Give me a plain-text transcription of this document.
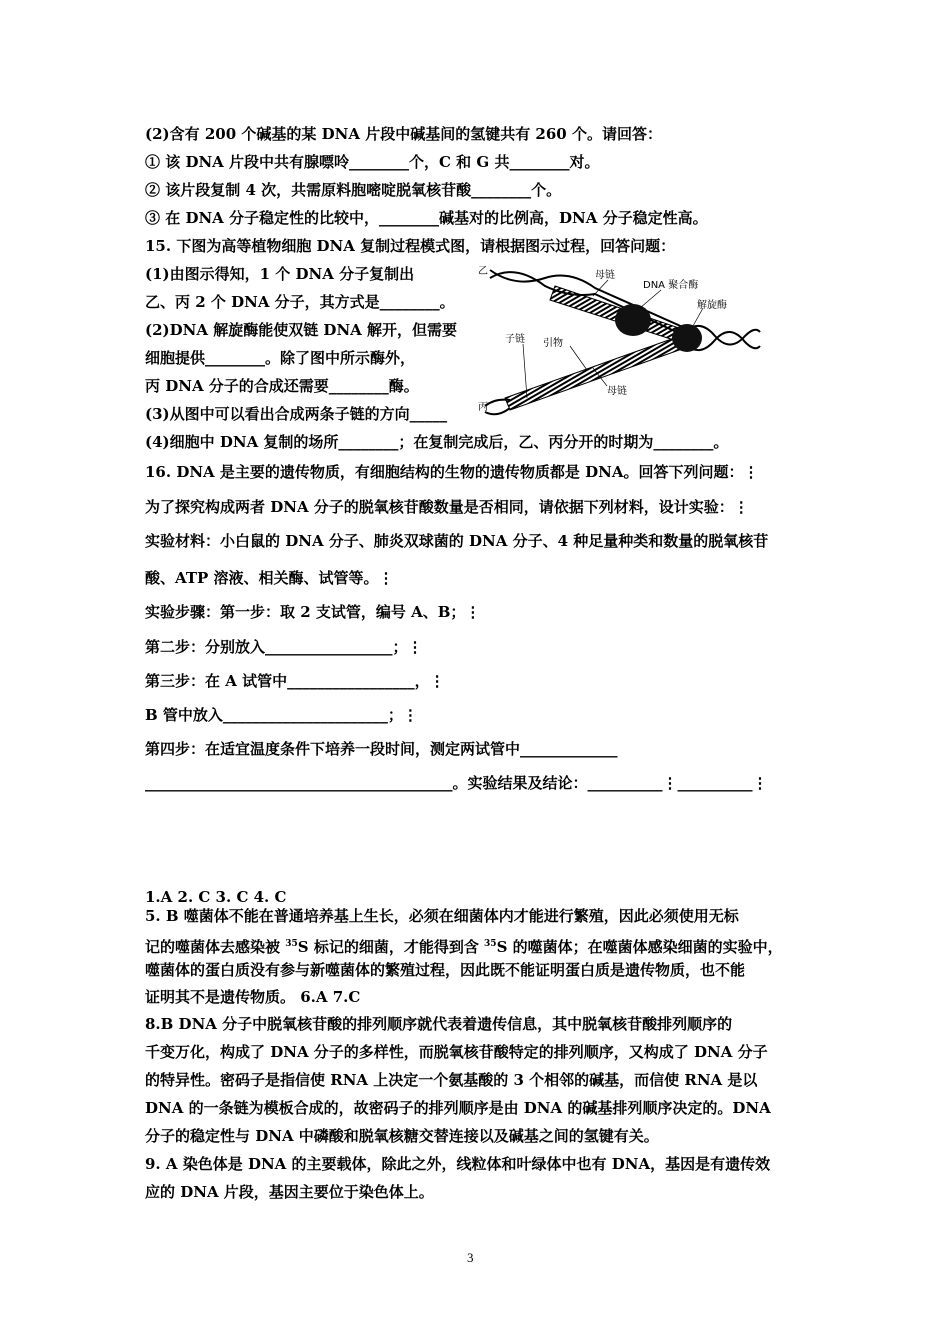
(2)含有 200 个碱基的某 DNA 片段中碱基间的氢键共有 260 个。请回答：
① 该 DNA 片段中共有腺嘌呤________个，C 和 G 共________对。
② 该片段复制 4 次，共需原料胞嘧啶脱氧核苷酸________个。
③ 在 DNA 分子稳定性的比较中，________碱基对的比例高，DNA 分子稳定性高。
15. 下图为高等植物细胞 DNA 复制过程模式图，请根据图示过程，回答问题：
(1)由图示得知，1 个 DNA 分子复制出
乙、丙 2 个 DNA 分子，其方式是________。
(2)DNA 解旋酶能使双链 DNA 解开，但需要
细胞提供________。除了图中所示酶外，
丙 DNA 分子的合成还需要________酶。
(3)从图中可以看出合成两条子链的方向_____
(4)细胞中 DNA 复制的场所________；在复制完成后，乙、丙分开的时期为________。
16. DNA 是主要的遗传物质，有细胞结构的生物的遗传物质都是 DNA。回答下列问题：⋮
为了探究构成两者 DNA 分子的脱氧核苷酸数量是否相同，请依据下列材料，设计实验：⋮
实验材料：小白鼠的 DNA 分子、肺炎双球菌的 DNA 分子、4 种足量种类和数量的脱氧核苷
酸、ATP 溶液、相关酶、试管等。⋮
实验步骤：第一步：取 2 支试管，编号 A、B；⋮
第二步：分别放入_________________；⋮
第三步：在 A 试管中_________________，⋮
B 管中放入______________________；⋮
第四步：在适宜温度条件下培养一段时间，测定两试管中_____________
_________________________________________。实验结果及结论：__________⋮__________⋮
乙
丙
母链
DNA 聚合酶
解旋酶
子链 引物
母链
1.A 2. C 3. C 4. C
5. B 噬菌体不能在普通培养基上生长，必须在细菌体内才能进行繁殖，因此必须使用无标
记的噬菌体去感染被 $^{35}$S 标记的细菌，才能得到含 $^{35}$S 的噬菌体；在噬菌体感染细菌的实验中，
噬菌体的蛋白质没有参与新噬菌体的繁殖过程，因此既不能证明蛋白质是遗传物质，也不能
证明其不是遗传物质。 6.A 7.C
8.B DNA 分子中脱氧核苷酸的排列顺序就代表着遗传信息，其中脱氧核苷酸排列顺序的
千变万化，构成了 DNA 分子的多样性，而脱氧核苷酸特定的排列顺序，又构成了 DNA 分子
的特异性。密码子是指信使 RNA 上决定一个氨基酸的 3 个相邻的碱基，而信使 RNA 是以
DNA 的一条链为模板合成的，故密码子的排列顺序是由 DNA 的碱基排列顺序决定的。DNA
分子的稳定性与 DNA 中磷酸和脱氧核糖交替连接以及碱基之间的氢键有关。
9. A 染色体是 DNA 的主要载体，除此之外，线粒体和叶绿体中也有 DNA，基因是有遗传效
应的 DNA 片段，基因主要位于染色体上。
3
